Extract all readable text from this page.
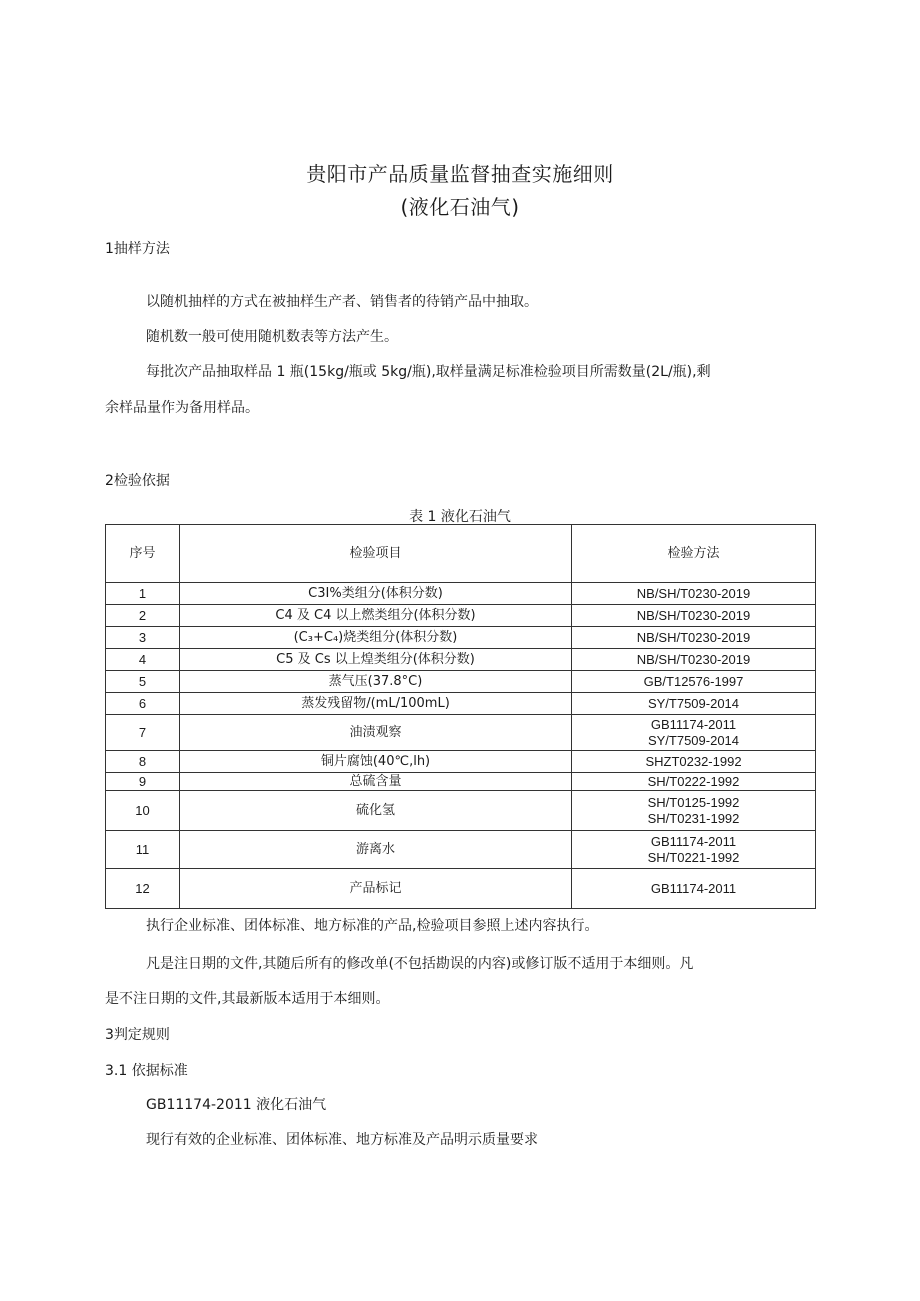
贵阳市产品质量监督抽查实施细则
(液化石油气)
1抽样方法
以随机抽样的方式在被抽样生产者、销售者的待销产品中抽取。
随机数一般可使用随机数表等方法产生。
每批次产品抽取样品 1 瓶(15kg/瓶或 5kg/瓶),取样量满足标准检验项目所需数量(2L/瓶),剩
余样品量作为备用样品。
2检验依据
表 1 液化石油气
序号	检验项目	检验方法
1	C3Ⅰ%类组分(体积分数)	NB/SH/T0230-2019

2	C4 及 C4 以上燃类组分(体积分数)	NB/SH/T0230-2019

3	(C₃+C₄)烧类组分(体积分数)	NB/SH/T0230-2019

4	C5 及 Cs 以上煌类组分(体积分数)	NB/SH/T0230-2019

5	蒸气压(37.8°C)	GB/T12576-1997

6	蒸发残留物/(mL/100mL)	SY/T7509-2014

7	油渍观察	GB11174-2011
SY/T7509-2014

8	铜片腐蚀(40℃,lh)	SHZT0232-1992

9	总硫含量	SH/T0222-1992

10	硫化氢	SH/T0125-1992
SH/T0231-1992

11	游离水	GB11174-2011
SH/T0221-1992

12	产品标记	GB11174-2011
执行企业标准、团体标准、地方标准的产品,检验项目参照上述内容执行。
凡是注日期的文件,其随后所有的修改单(不包括勘误的内容)或修订版不适用于本细则。凡
是不注日期的文件,其最新版本适用于本细则。
3判定规则
3.1 依据标准
GB11174-2011 液化石油气
现行有效的企业标准、团体标准、地方标准及产品明示质量要求
